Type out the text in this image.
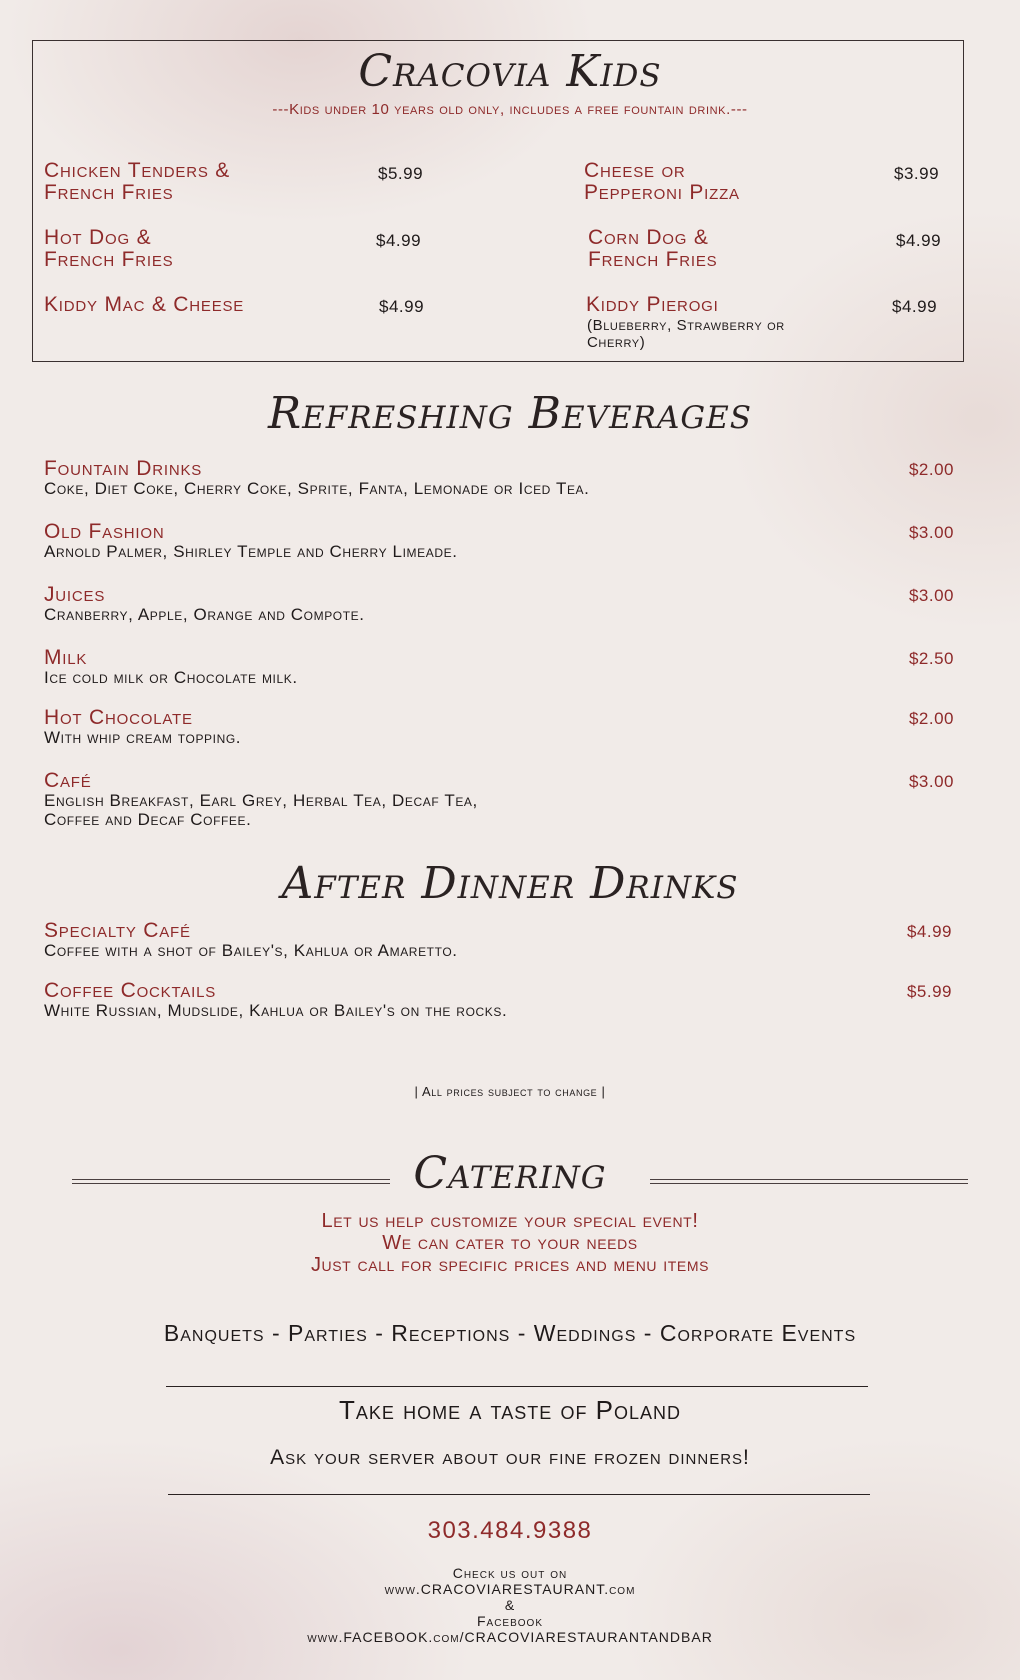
Cracovia Kids
---Kids under 10 years old only, includes a free fountain drink.---
Chicken Tenders &
French Fries
$5.99	Cheese or
Pepperoni Pizza
$3.99
Hot Dog &
French Fries
$4.99	Corn Dog &
French Fries
$4.99
Kiddy Mac & Cheese	$4.99	Kiddy Pierogi
(Blueberry, Strawberry or
Cherry)
$4.99
Refreshing Beverages
Fountain Drinks
Coke, Diet Coke, Cherry Coke, Sprite, Fanta, Lemonade or Iced Tea.
$2.00
Old Fashion
Arnold Palmer, Shirley Temple and Cherry Limeade.
$3.00
Juices
Cranberry, Apple, Orange and Compote.
$3.00
Milk
Ice cold milk or Chocolate milk.
$2.50
Hot Chocolate
With whip cream topping.
$2.00
Café
English Breakfast, Earl Grey, Herbal Tea, Decaf Tea,
Coffee and Decaf Coffee.
$3.00
After Dinner Drinks
Specialty Café
Coffee with a shot of Bailey's, Kahlua or Amaretto.
$4.99
Coffee Cocktails
White Russian, Mudslide, Kahlua or Bailey's on the rocks.
$5.99
| All prices subject to change |
Catering
Let us help customize your special event!
We can cater to your needs
Just call for specific prices and menu items
Banquets - Parties - Receptions - Weddings - Corporate Events
Take home a taste of Poland
Ask your server about our fine frozen dinners!
303.484.9388
Check us out on
www.CRACOVIARESTAURANT.com
&
Facebook
www.FACEBOOK.com/CRACOVIARESTAURANTANDBAR
